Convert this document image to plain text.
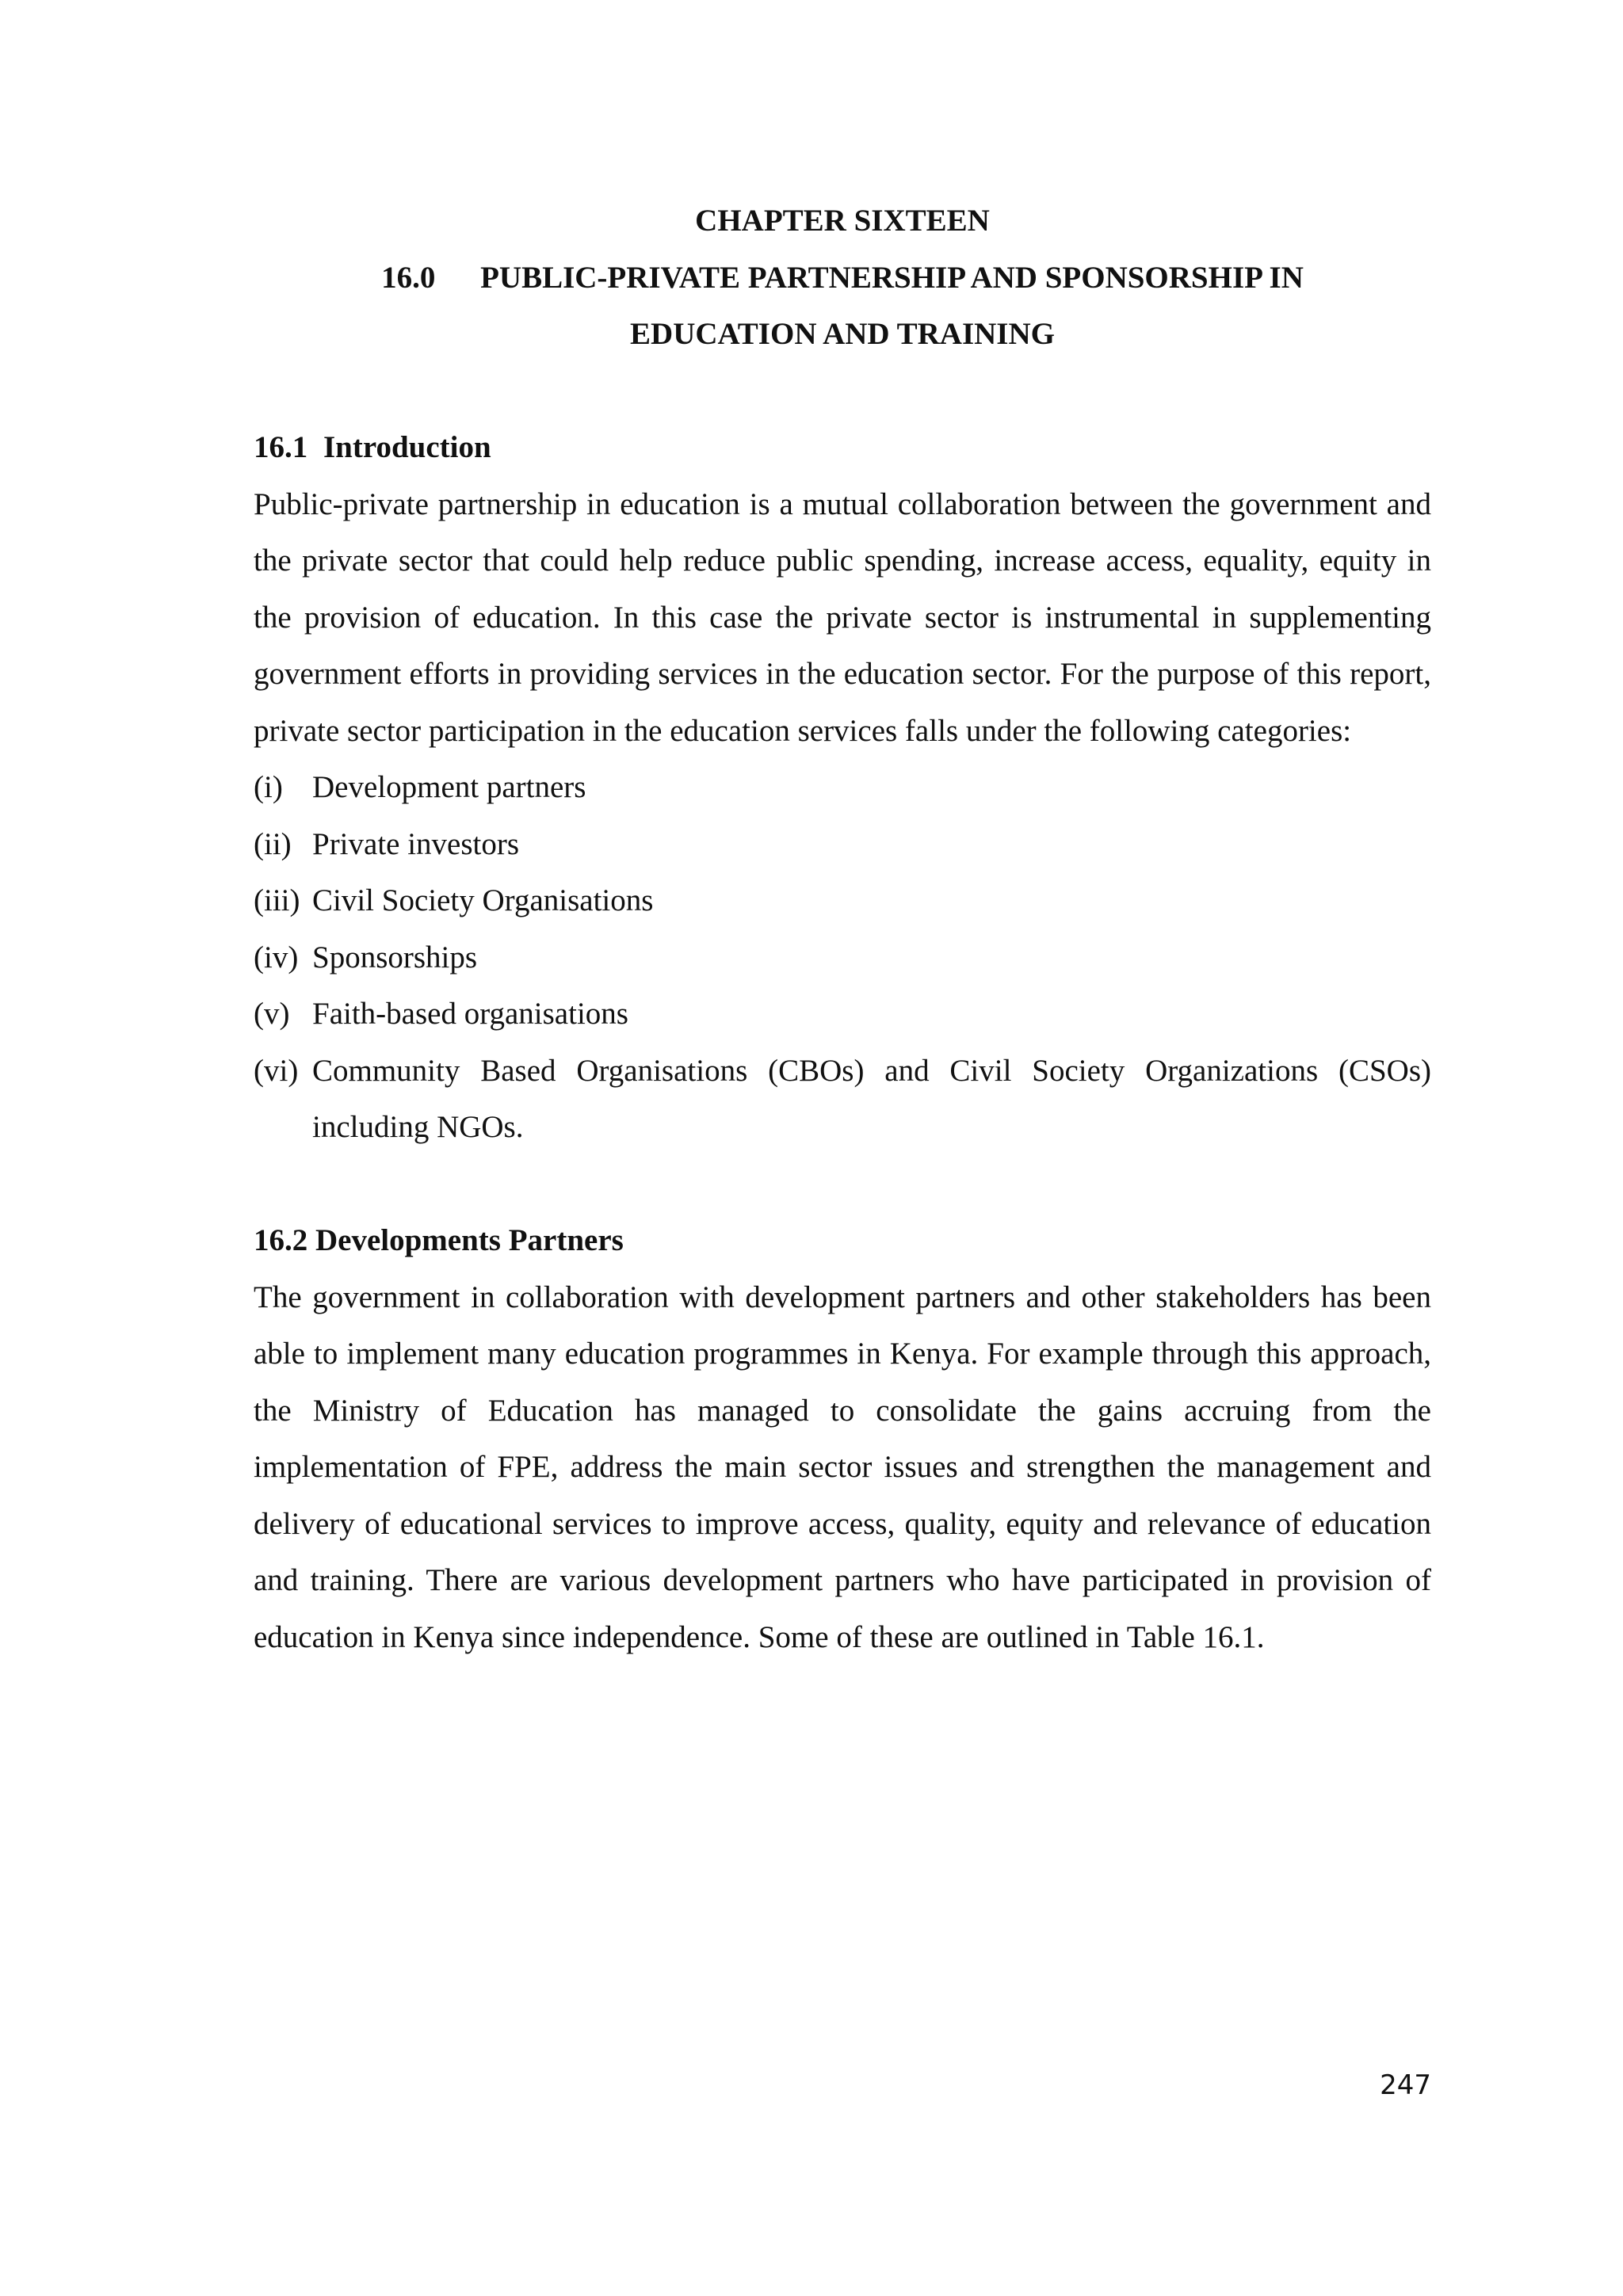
CHAPTER SIXTEEN

16.0 PUBLIC-PRIVATE PARTNERSHIP AND SPONSORSHIP IN

EDUCATION AND TRAINING

16.1 Introduction

Public-private partnership in education is a mutual collaboration between the government and the private sector that could help reduce public spending, increase access, equality, equity in the provision of education. In this case the private sector is instrumental in supplementing government efforts in providing services in the education sector. For the purpose of this report, private sector participation in the education services falls under the following categories:

(i) Development partners
(ii) Private investors
(iii) Civil Society Organisations
(iv) Sponsorships
(v) Faith-based organisations
(vi) Community Based Organisations (CBOs) and Civil Society Organizations (CSOs) including NGOs.

16.2 Developments Partners

The government in collaboration with development partners and other stakeholders has been able to implement many education programmes in Kenya. For example through this approach, the Ministry of Education has managed to consolidate the gains accruing from the implementation of FPE, address the main sector issues and strengthen the management and delivery of educational services to improve access, quality, equity and relevance of education and training. There are various development partners who have participated in provision of education in Kenya since independence. Some of these are outlined in Table 16.1.

247
